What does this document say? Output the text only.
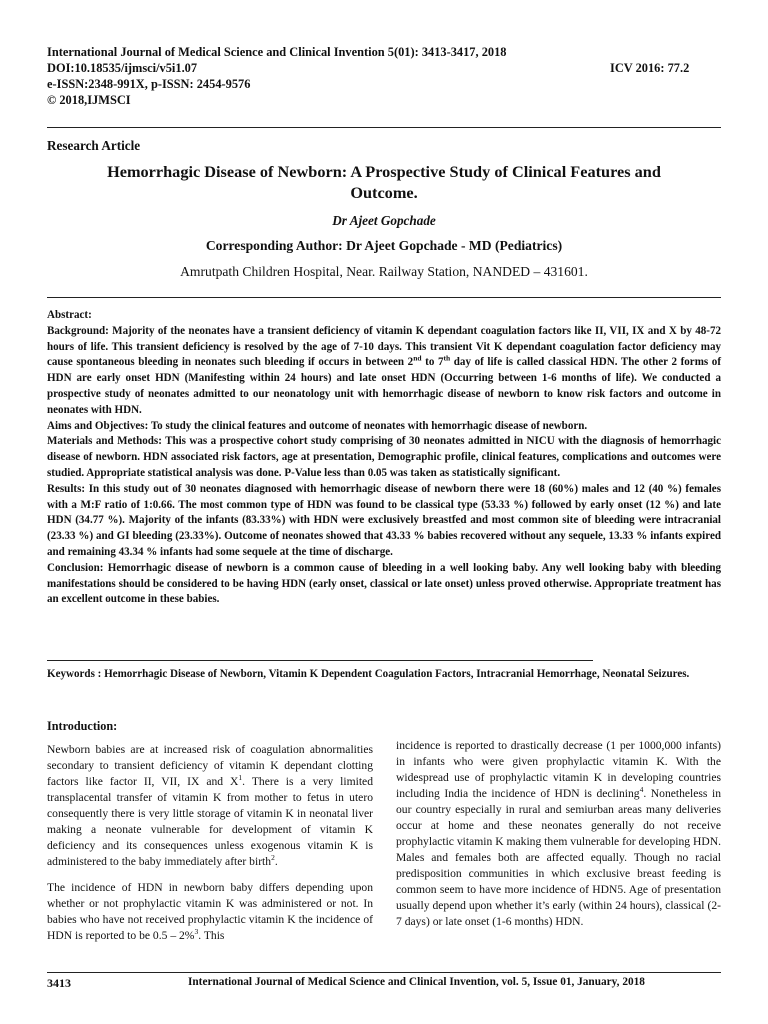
International Journal of Medical Science and Clinical Invention 5(01): 3413-3417, 2018
DOI:10.18535/ijmsci/v5i1.07	ICV 2016: 77.2
e-ISSN:2348-991X, p-ISSN: 2454-9576
© 2018,IJMSCI
Research Article
Hemorrhagic Disease of Newborn: A Prospective Study of Clinical Features and
Outcome.
Dr Ajeet Gopchade
Corresponding Author: Dr Ajeet Gopchade - MD (Pediatrics)
Amrutpath Children Hospital, Near. Railway Station, NANDED – 431601.

Abstract:

Background: Majority of the neonates have a transient deficiency of vitamin K dependant coagulation factors like II, VII, IX and X by 48-72 hours of life. This transient deficiency is resolved by the age of 7-10 days. This transient Vit K dependant coagulation factor deficiency may cause spontaneous bleeding in neonates such bleeding if occurs in between 2nd to 7th day of life is called classical HDN. The other 2 forms of HDN are early onset HDN (Manifesting within 24 hours) and late onset HDN (Occurring between 1-6 months of life). We conducted a prospective study of neonates admitted to our neonatology unit with hemorrhagic disease of newborn to know risk factors and outcome in neonates with HDN.

Aims and Objectives: To study the clinical features and outcome of neonates with hemorrhagic disease of newborn.

Materials and Methods: This was a prospective cohort study comprising of 30 neonates admitted in NICU with the diagnosis of hemorrhagic disease of newborn. HDN associated risk factors, age at presentation, Demographic profile, clinical features, complications and outcomes were studied. Appropriate statistical analysis was done. P-Value less than 0.05 was taken as statistically significant.

Results: In this study out of 30 neonates diagnosed with hemorrhagic disease of newborn there were 18 (60%) males and 12 (40 %) females with a M:F ratio of 1:0.66. The most common type of HDN was found to be classical type (53.33 %) followed by early onset (12 %) and late HDN (34.77 %). Majority of the infants (83.33%) with HDN were exclusively breastfed and most common site of bleeding were intracranial (23.33 %) and GI bleeding (23.33%). Outcome of neonates showed that 43.33 % babies recovered without any sequele, 13.33 % infants expired and remaining 43.34 % infants had some sequele at the time of discharge.

Conclusion: Hemorrhagic disease of newborn is a common cause of bleeding in a well looking baby. Any well looking baby with bleeding manifestations should be considered to be having HDN (early onset, classical or late onset) unless proved otherwise. Appropriate treatment has an excellent outcome in these babies.

Keywords : Hemorrhagic Disease of Newborn, Vitamin K Dependent Coagulation Factors, Intracranial Hemorrhage, Neonatal Seizures.
Introduction:

Newborn babies are at increased risk of coagulation abnormalities secondary to transient deficiency of vitamin K dependant clotting factors like factor II, VII, IX and $X^1$. There is a very limited transplacental transfer of vitamin K from mother to fetus in utero consequently there is very little storage of vitamin K in neonatal liver making a neonate vulnerable for development of vitamin K deficiency and its consequences unless exogenous vitamin K is administered to the baby immediately after birth$^2$.

The incidence of HDN in newborn baby differs depending upon whether or not prophylactic vitamin K was administered or not. In babies who have not received prophylactic vitamin K the incidence of HDN is reported to be 0.5 – 2%$^3$. This

incidence is reported to drastically decrease (1 per 1000,000 infants) in infants who were given prophylactic vitamin K. With the widespread use of prophylactic vitamin K in developing countries including India the incidence of HDN is declining$^4$. Nonetheless in our country especially in rural and semiurban areas many deliveries occur at home and these neonates generally do not receive prophylactic vitamin K making them vulnerable for developing HDN. Males and females both are affected equally. Though no racial predisposition communities in which exclusive breast feeding is common seem to have more incidence of HDN5. Age of presentation usually depend upon whether it’s early (within 24 hours), classical (2-7 days) or late onset (1-6 months) HDN.

3413	International Journal of Medical Science and Clinical Invention, vol. 5, Issue 01, January, 2018
